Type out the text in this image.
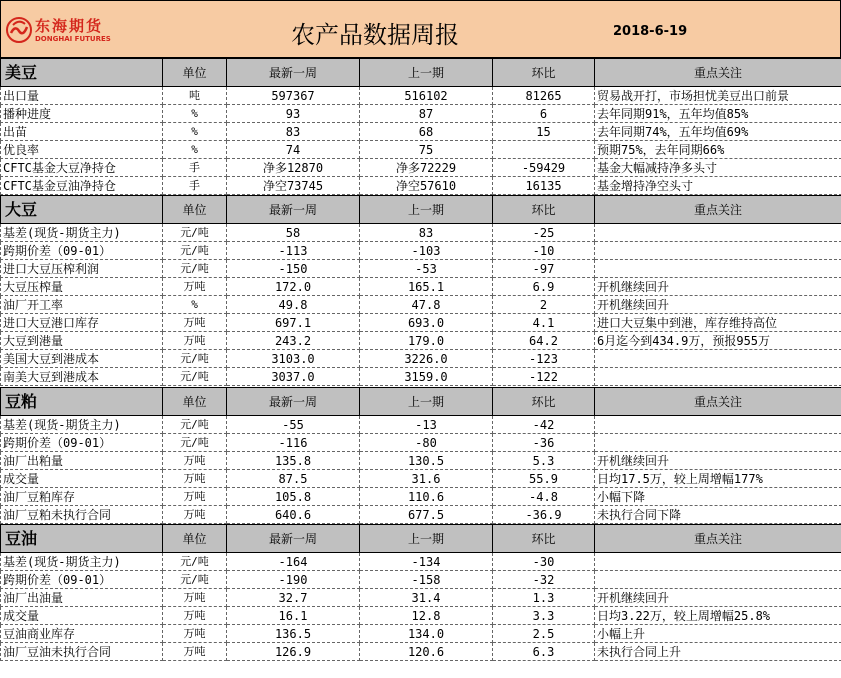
东海期货
DONGHAI FUTURES	农产品数据周报	2018-6-19
美豆	单位	最新一周	上一期	环比	重点关注
出口量	吨	597367	516102	81265	贸易战开打，市场担忧美豆出口前景
播种进度	%	93	87	6	去年同期91%，五年均值85%
出苗	%	83	68	15	去年同期74%，五年均值69%
优良率	%	74	75		预期75%，去年同期66%
CFTC基金大豆净持仓	手	净多12870	净多72229	-59429	基金大幅减持净多头寸
CFTC基金豆油净持仓	手	净空73745	净空57610	16135	基金增持净空头寸
大豆	单位	最新一周	上一期	环比	重点关注
基差(现货-期货主力)	元/吨	58	83	-25	
跨期价差（09-01）	元/吨	-113	-103	-10	
进口大豆压榨利润	元/吨	-150	-53	-97	
大豆压榨量	万吨	172.0	165.1	6.9	开机继续回升
油厂开工率	%	49.8	47.8	2	开机继续回升
进口大豆港口库存	万吨	697.1	693.0	4.1	进口大豆集中到港，库存维持高位
大豆到港量	万吨	243.2	179.0	64.2	6月迄今到434.9万，预报955万
美国大豆到港成本	元/吨	3103.0	3226.0	-123	
南美大豆到港成本	元/吨	3037.0	3159.0	-122	
豆粕	单位	最新一周	上一期	环比	重点关注
基差(现货-期货主力)	元/吨	-55	-13	-42	
跨期价差（09-01）	元/吨	-116	-80	-36	
油厂出粕量	万吨	135.8	130.5	5.3	开机继续回升
成交量	万吨	87.5	31.6	55.9	日均17.5万，较上周增幅177%
油厂豆粕库存	万吨	105.8	110.6	-4.8	小幅下降
油厂豆粕未执行合同	万吨	640.6	677.5	-36.9	未执行合同下降
豆油	单位	最新一周	上一期	环比	重点关注
基差(现货-期货主力)	元/吨	-164	-134	-30	
跨期价差（09-01）	元/吨	-190	-158	-32	
油厂出油量	万吨	32.7	31.4	1.3	开机继续回升
成交量	万吨	16.1	12.8	3.3	日均3.22万，较上周增幅25.8%
豆油商业库存	万吨	136.5	134.0	2.5	小幅上升
油厂豆油未执行合同	万吨	126.9	120.6	6.3	未执行合同上升
